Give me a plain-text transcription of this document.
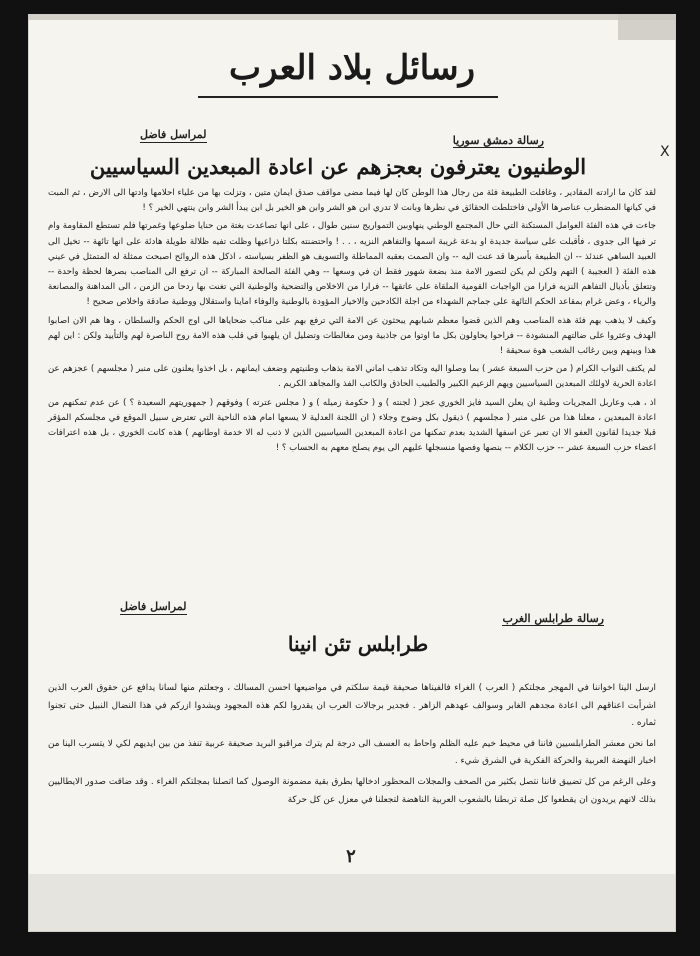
رسائل بلاد العرب
لمراسل فاضل	رسالة دمشق سوريا
X
الوطنيون يعترفون بعجزهم عن اعادة المبعدين السياسيين

لقد كان ما ارادته المقادير ، وغافلت الطبيعة فئة من رجال هذا الوطن كان لها فيما مضى مواقف صدق ايمان متين ، وتزلت بها من علياء احلامها وادتها الى الارض ، ثم المبت في كيانها المضطرب عناصرها الأولى فاختلطت الحقائق في نظرها وبانت لا تدري ابن هو الشر وابن هو الخير بل ابن يبدأ الشر وابن ينتهي الخير ؟ !

جاءت في هذه الفئة العوامل المستكنة التي حال المجتمع الوطني ينهاوبين التمواريج سنين طوال ، على انها تصاعدت بغتة من حنايا ضلوعها وغمرتها فلم تستطع المقاومة وام تر فيها الى جدوى ، فأقبلت على سياسة جديدة او بدعة غريبة اسمها والتفاهم النزيه ، . . ! واحتضنته بكلتا ذراعيها وظلت تفيه ظلالة طويلة هادئة على انها تائهة -- تخيل الى العبيد الساهي عندئذ -- ان الطبيعة بأسرها قد عنت اليه -- وان الصمت بعقبه المماطلة والتسويف هو الظفر بسياسته ، اذكل هذه الروائح اصبحت ممثلة له المتمثل في عيني هذه الفئة ( العجيبة ) التهم ولكن لم يكن لتصور الامة منذ بضعة شهور فقط ان في وسعها -- وهي الفئة الصالحة المباركة -- ان ترفع الى المناصب بصرها لحظة واحدة -- وتتعلق بأذيال التفاهم النزيه فرارا من الواجبات القومية الملقاة على عاتقها -- فرارا من الاخلاص والتضحية والوطنية التي تغنت بها ردحا من الزمن ، الى المداهنة والمصانعة والرياء ، وعض غرام بمقاعد الحكم التائهة على جماجم الشهداء من اجلة الكادحين والاخيار المؤودة بالوطنية والوفاء اماينا واستقلال ووطنية صادقة واخلاص صحيح !

وكيف لا يذهب بهم فئة هذه المناصب وهم الذين قضوا معظم شبابهم يبحثون عن الامة التي ترفع بهم على مناكب ضحاياها الى اوج الحكم والسلطان ، وها هم الان اصابوا الهدف وعثروا على ضالتهم المنشودة -- فراحوا يحاولون بكل ما اوتوا من جاذبية ومن مغالطات وتضليل ان يلهبوا في قلب هذه الامة روح الناصرة لهم والتأييد ولكن : اين لهم هذا وبينهم وبين رغائب الشعب هوة سحيقة !

لم يكتف النواب الكرام ( من حزب السبعة عشر ) بما وصلوا اليه وتكاد تذهب اماني الامة بذهاب وطنيتهم وضعف ايمانهم ، بل اخذوا يعلنون على منبر ( مجلسهم ) عجزهم عن اعادة الحرية لاولئك المبعدين السياسيين ويهم الزعيم الكبير والطبيب الحاذق والكاتب الفذ والمجاهد الكريم .

اذ ، هب وعاربل المجريات وطنية ان يعلن السيد فايز الخوري عجز ( لجنته ) و ( حكومة زميله ) و ( مجلس عترته ) وفوقهم ( جمهوريتهم السعيدة ؟ ) عن عدم تمكنهم من اعادة المبعدين ، معلنا هذا من على منبر ( مجلسهم ) ذيقول بكل وضوح وجلاء ( ان اللجنة العدلية لا يسعها امام هذه الناحية التي تعترض سبيل الموقع في مجلسكم المؤقر قبلا جديدا لقانون العفو الا ان تعبر عن اسفها الشديد بعدم تمكنها من اعادة المبعدين السياسيين الذين لا ذنب له الا خدمة اوطانهم ) هذه كانت الخوري ، بل هذه اعترافات اعضاء حزب السبعة عشر -- حزب الكلام -- بنصها وفصها منسجلها عليهم الى يوم يصلح معهم به الحساب ؟ !

لمراسل فاضل
رسالة طرابلس الغرب
طرابلس تئن انينا

ارسل الينا اخواننا في المهجر مجلتكم ( العرب ) الغراء فالفيناها صحيفة قيمة سلكتم في مواضيعها احسن المسالك ، وجعلتم منها لسانا يدافع عن حقوق العرب الذين اشرأبت اعناقهم الى اعادة مجدهم الغابر وسوالف عهدهم الزاهر . فجدير برجالات العرب ان يقدروا لكم هذه المجهود ويشدوا ازركم في هذا النضال النبيل حتى تجنوا ثماره .

اما نحن معشر الطرابلسيين فاننا في محيط خيم عليه الظلم واحاط به العسف الى درجة لم يترك مراقبو البريد صحيفة عربية تنفذ من بين ايديهم لكي لا يتسرب الينا من اخبار النهضة العربية والحركة الفكرية في الشرق شيء .

وعلى الرغم من كل تضييق فاننا نتصل بكثير من الصحف والمجلات المحظور ادخالها بطرق بقية مضمونة الوصول كما اتصلنا بمجلتكم الغراء . وقد ضاقت صدور الايطاليين بذلك لانهم يريدون ان يقطعوا كل صلة تربطنا بالشعوب العربية الناهضة لتجعلنا في معزل عن كل حركة

٢
